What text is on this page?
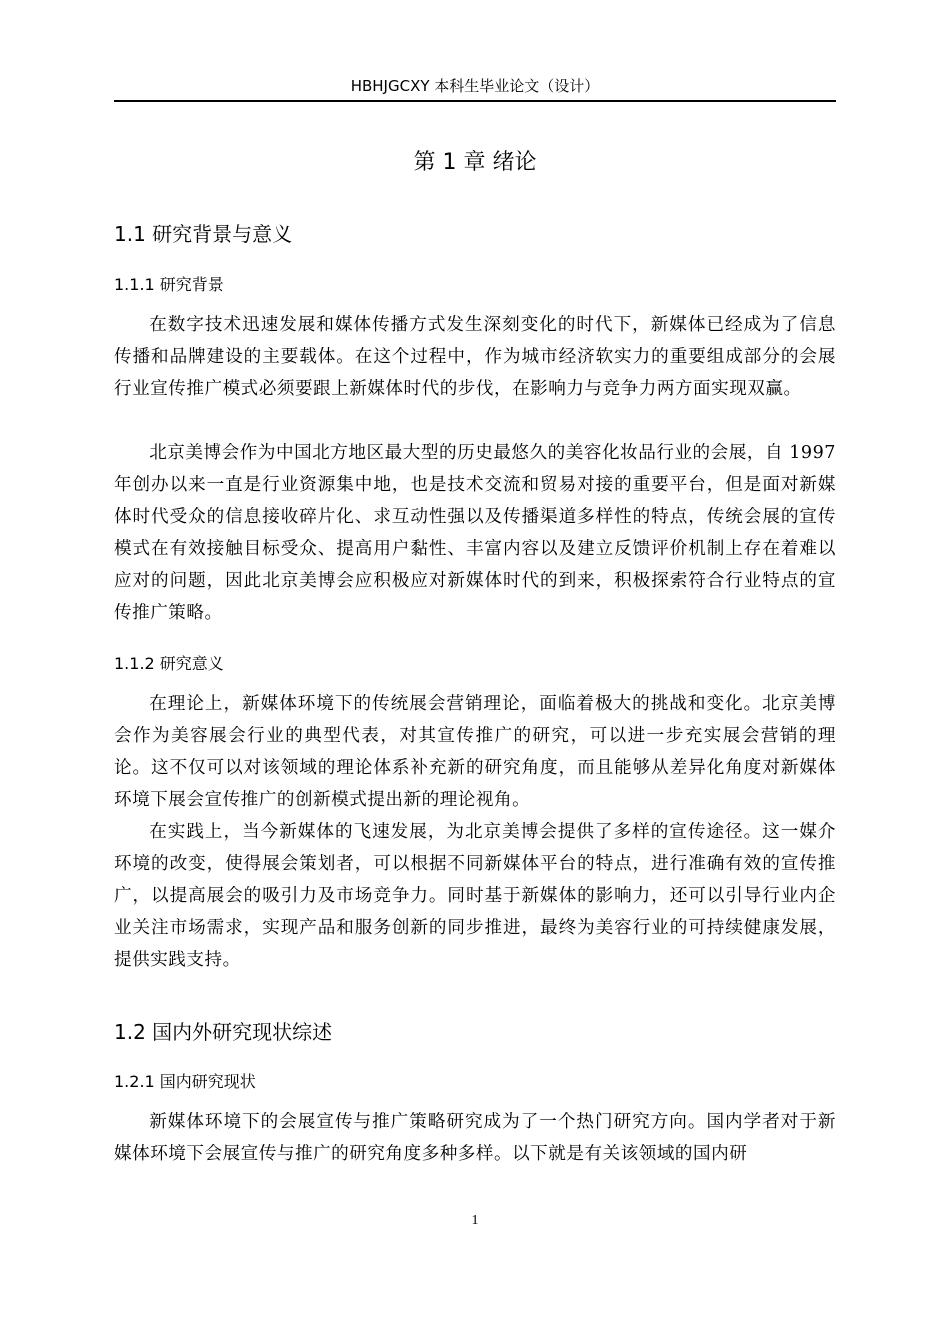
HBHJGCXY 本科生毕业论文（设计）
第 1 章 绪论
1.1 研究背景与意义
1.1.1 研究背景

在数字技术迅速发展和媒体传播方式发生深刻变化的时代下，新媒体已经成为了信息传播和品牌建设的主要载体。在这个过程中，作为城市经济软实力的重要组成部分的会展行业宣传推广模式必须要跟上新媒体时代的步伐，在影响力与竞争力两方面实现双赢。

北京美博会作为中国北方地区最大型的历史最悠久的美容化妆品行业的会展，自 1997 年创办以来一直是行业资源集中地，也是技术交流和贸易对接的重要平台，但是面对新媒体时代受众的信息接收碎片化、求互动性强以及传播渠道多样性的特点，传统会展的宣传模式在有效接触目标受众、提高用户黏性、丰富内容以及建立反馈评价机制上存在着难以应对的问题，因此北京美博会应积极应对新媒体时代的到来，积极探索符合行业特点的宣传推广策略。

1.1.2 研究意义

在理论上，新媒体环境下的传统展会营销理论，面临着极大的挑战和变化。北京美博会作为美容展会行业的典型代表，对其宣传推广的研究，可以进一步充实展会营销的理论。这不仅可以对该领域的理论体系补充新的研究角度，而且能够从差异化角度对新媒体环境下展会宣传推广的创新模式提出新的理论视角。

在实践上，当今新媒体的飞速发展，为北京美博会提供了多样的宣传途径。这一媒介环境的改变，使得展会策划者，可以根据不同新媒体平台的特点，进行准确有效的宣传推广，以提高展会的吸引力及市场竞争力。同时基于新媒体的影响力，还可以引导行业内企业关注市场需求，实现产品和服务创新的同步推进，最终为美容行业的可持续健康发展，提供实践支持。

1.2 国内外研究现状综述
1.2.1 国内研究现状

新媒体环境下的会展宣传与推广策略研究成为了一个热门研究方向。国内学者对于新媒体环境下会展宣传与推广的研究角度多种多样。以下就是有关该领域的国内研

1
